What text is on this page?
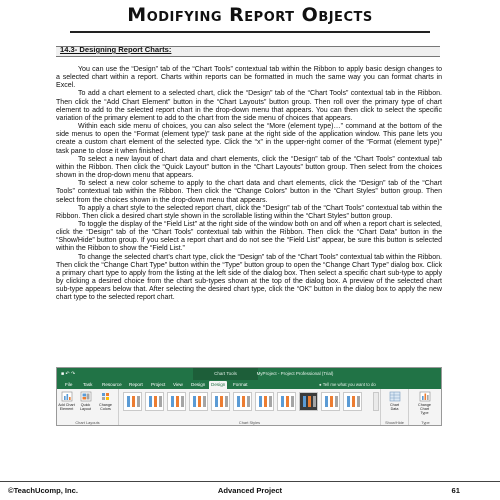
Modifying Report Objects
14.3- Designing Report Charts:

You can use the “Design” tab of the “Chart Tools” contextual tab within the Ribbon to apply basic design changes to a selected chart within a report. Charts within reports can be formatted in much the same way you can format charts in Excel.

To add a chart element to a selected chart, click the “Design” tab of the “Chart Tools” contextual tab in the Ribbon. Then click the “Add Chart Element” button in the “Chart Layouts” button group. Then roll over the primary type of chart element to add to the selected report chart in the drop-down menu that appears. You can then click to select the specific variation of the primary element to add to the chart from the side menu of choices that appears.

Within each side menu of choices, you can also select the “More (element type)…” command at the bottom of the side menus to open the “Format (element type)” task pane at the right side of the application window. This pane lets you create a custom chart element of the selected type. Click the “x” in the upper-right corner of the “Format (element type)” task pane to close it when finished.

To select a new layout of chart data and chart elements, click the “Design” tab of the “Chart Tools” contextual tab within the Ribbon. Then click the “Quick Layout” button in the “Chart Layouts” button group. Then select from the choices shown in the drop-down menu that appears.

To select a new color scheme to apply to the chart data and chart elements, click the “Design” tab of the “Chart Tools” contextual tab within the Ribbon. Then click the “Change Colors” button in the “Chart Styles” button group. Then select from the choices shown in the drop-down menu that appears.

To apply a chart style to the selected report chart, click the “Design” tab of the “Chart Tools” contextual tab within the Ribbon. Then click a desired chart style shown in the scrollable listing within the “Chart Styles” button group.

To toggle the display of the “Field List” at the right side of the window both on and off when a report chart is selected, click the “Design” tab of the “Chart Tools” contextual tab within the Ribbon. Then click the “Chart Data” button in the “Show/Hide” button group. If you select a report chart and do not see the “Field List” appear, be sure this button is selected within the Ribbon to show the “Field List.”

To change the selected chart’s chart type, click the “Design” tab of the “Chart Tools” contextual tab within the Ribbon. Then click the “Change Chart Type” button within the “Type” button group to open the “Change Chart Type” dialog box. Click a primary chart type to apply from the listing at the left side of the dialog box. Then select a specific chart sub-type to apply by clicking a desired choice from the chart sub-types shown at the top of the dialog box. A preview of the selected chart sub-type appears below that. After selecting the desired chart type, click the “OK” button in the dialog box to apply the new chart type to the selected report chart.

■ ↶ ↷	Chart Tools	MyProject - Project Professional (Trial)
File	Task	Resource	Report	Project	View	Design	Design	Format	● Tell me what you want to do
Add Chart Element
Quick Layout
Change Colors
Chart Layouts	Chart Styles
Chart Data
Show/Hide
Change Chart Type
Type
©TeachUcomp, Inc.	Advanced Project	61
